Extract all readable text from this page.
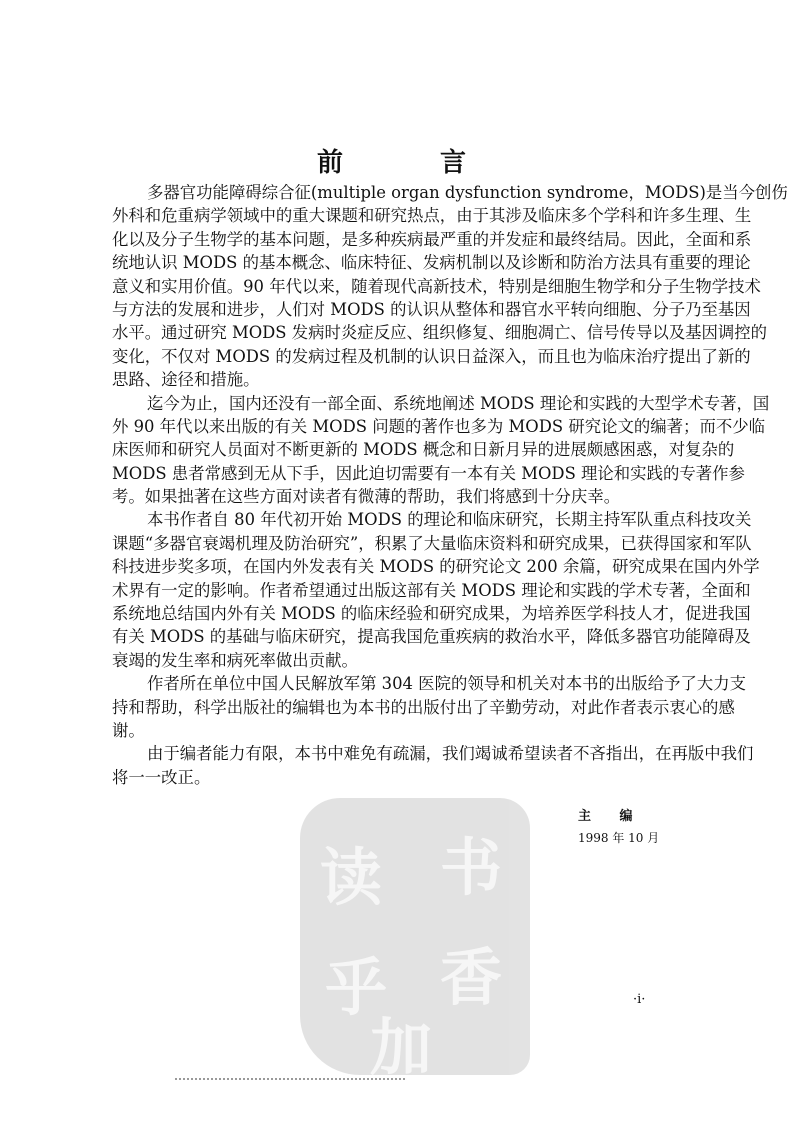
前 言
多器官功能障碍综合征(multiple organ dysfunction syndrome，MODS)是当今创伤
外科和危重病学领域中的重大课题和研究热点，由于其涉及临床多个学科和许多生理、生
化以及分子生物学的基本问题，是多种疾病最严重的并发症和最终结局。因此，全面和系
统地认识 MODS 的基本概念、临床特征、发病机制以及诊断和防治方法具有重要的理论
意义和实用价值。90 年代以来，随着现代高新技术，特别是细胞生物学和分子生物学技术
与方法的发展和进步，人们对 MODS 的认识从整体和器官水平转向细胞、分子乃至基因
水平。通过研究 MODS 发病时炎症反应、组织修复、细胞凋亡、信号传导以及基因调控的
变化，不仅对 MODS 的发病过程及机制的认识日益深入，而且也为临床治疗提出了新的
思路、途径和措施。
迄今为止，国内还没有一部全面、系统地阐述 MODS 理论和实践的大型学术专著，国
外 90 年代以来出版的有关 MODS 问题的著作也多为 MODS 研究论文的编著；而不少临
床医师和研究人员面对不断更新的 MODS 概念和日新月异的进展颇感困惑，对复杂的
MODS 患者常感到无从下手，因此迫切需要有一本有关 MODS 理论和实践的专著作参
考。如果拙著在这些方面对读者有微薄的帮助，我们将感到十分庆幸。
本书作者自 80 年代初开始 MODS 的理论和临床研究，长期主持军队重点科技攻关
课题“多器官衰竭机理及防治研究”，积累了大量临床资料和研究成果，已获得国家和军队
科技进步奖多项，在国内外发表有关 MODS 的研究论文 200 余篇，研究成果在国内外学
术界有一定的影响。作者希望通过出版这部有关 MODS 理论和实践的学术专著，全面和
系统地总结国内外有关 MODS 的临床经验和研究成果，为培养医学科技人才，促进我国
有关 MODS 的基础与临床研究，提高我国危重疾病的救治水平，降低多器官功能障碍及
衰竭的发生率和病死率做出贡献。
作者所在单位中国人民解放军第 304 医院的领导和机关对本书的出版给予了大力支
持和帮助，科学出版社的编辑也为本书的出版付出了辛勤劳动，对此作者表示衷心的感
谢。
由于编者能力有限，本书中难免有疏漏，我们竭诚希望读者不吝指出，在再版中我们
将一一改正。
读 书
乎 香
加
主 编
1998 年 10 月
·i·
